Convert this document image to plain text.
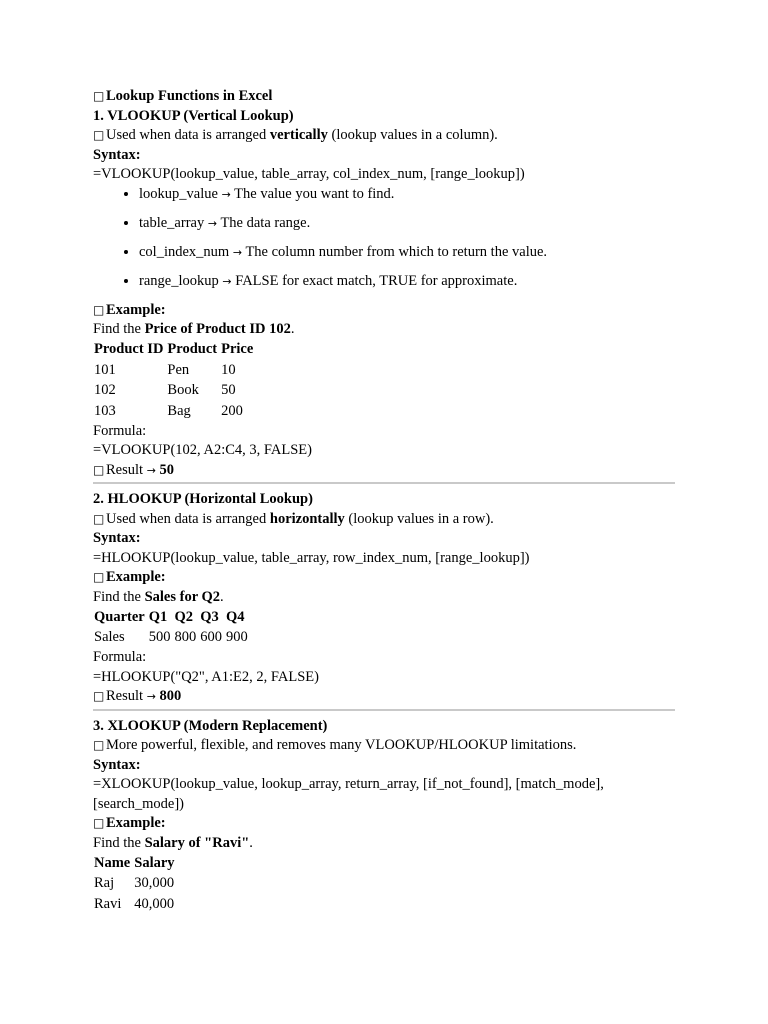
□ Lookup Functions in Excel
1. VLOOKUP (Vertical Lookup)
□ Used when data is arranged vertically (lookup values in a column).
Syntax:
=VLOOKUP(lookup_value, table_array, col_index_num, [range_lookup])
• lookup_value → The value you want to find.
• table_array → The data range.
• col_index_num → The column number from which to return the value.
• range_lookup → FALSE for exact match, TRUE for approximate.
□ Example:
Find the Price of Product ID 102.
Product ID	Product	Price
101	Pen	10
102	Book	50
103	Bag	200
Formula:
=VLOOKUP(102, A2:C4, 3, FALSE)
□ Result → 50
2. HLOOKUP (Horizontal Lookup)
□ Used when data is arranged horizontally (lookup values in a row).
Syntax:
=HLOOKUP(lookup_value, table_array, row_index_num, [range_lookup])
□ Example:
Find the Sales for Q2.
Quarter	Q1	Q2	Q3	Q4
Sales	500	800	600	900
Formula:
=HLOOKUP("Q2", A1:E2, 2, FALSE)
□ Result → 800
3. XLOOKUP (Modern Replacement)
□ More powerful, flexible, and removes many VLOOKUP/HLOOKUP limitations.
Syntax:
=XLOOKUP(lookup_value, lookup_array, return_array, [if_not_found], [match_mode],
[search_mode])
□ Example:
Find the Salary of "Ravi".
Name	Salary
Raj	30,000
Ravi	40,000
